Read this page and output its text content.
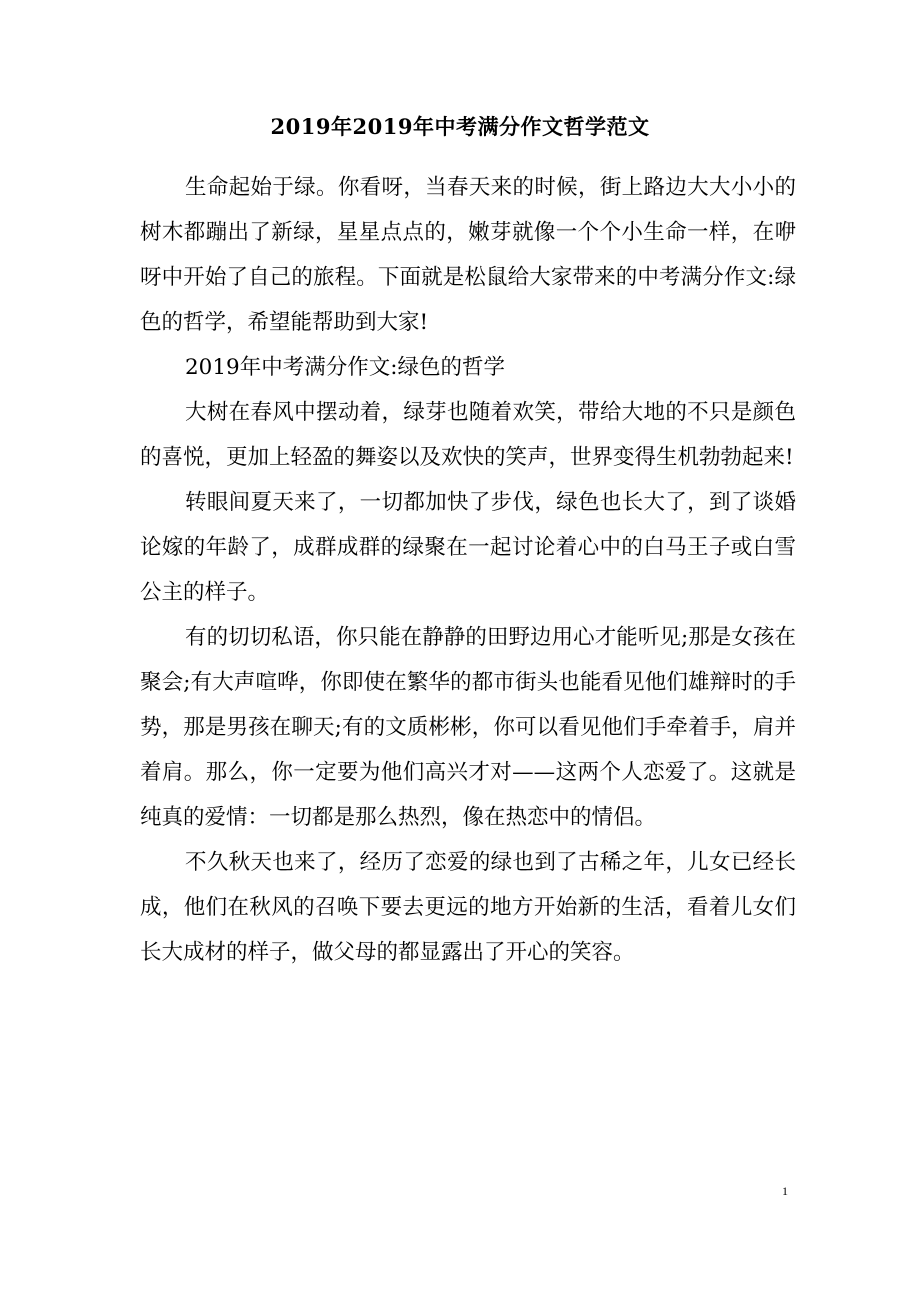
2019年2019年中考满分作文哲学范文

生命起始于绿。你看呀，当春天来的时候，街上路边大大小小的树木都蹦出了新绿，星星点点的，嫩芽就像一个个小生命一样，在咿呀中开始了自己的旅程。下面就是松鼠给大家带来的中考满分作文:绿色的哲学，希望能帮助到大家!

2019年中考满分作文:绿色的哲学

大树在春风中摆动着，绿芽也随着欢笑，带给大地的不只是颜色的喜悦，更加上轻盈的舞姿以及欢快的笑声，世界变得生机勃勃起来!

转眼间夏天来了，一切都加快了步伐，绿色也长大了，到了谈婚论嫁的年龄了，成群成群的绿聚在一起讨论着心中的白马王子或白雪公主的样子。

有的切切私语，你只能在静静的田野边用心才能听见;那是女孩在聚会;有大声喧哗，你即使在繁华的都市街头也能看见他们雄辩时的手势，那是男孩在聊天;有的文质彬彬，你可以看见他们手牵着手，肩并着肩。那么，你一定要为他们高兴才对——这两个人恋爱了。这就是纯真的爱情：一切都是那么热烈，像在热恋中的情侣。

不久秋天也来了，经历了恋爱的绿也到了古稀之年，儿女已经长成，他们在秋风的召唤下要去更远的地方开始新的生活，看着儿女们长大成材的样子，做父母的都显露出了开心的笑容。

1
